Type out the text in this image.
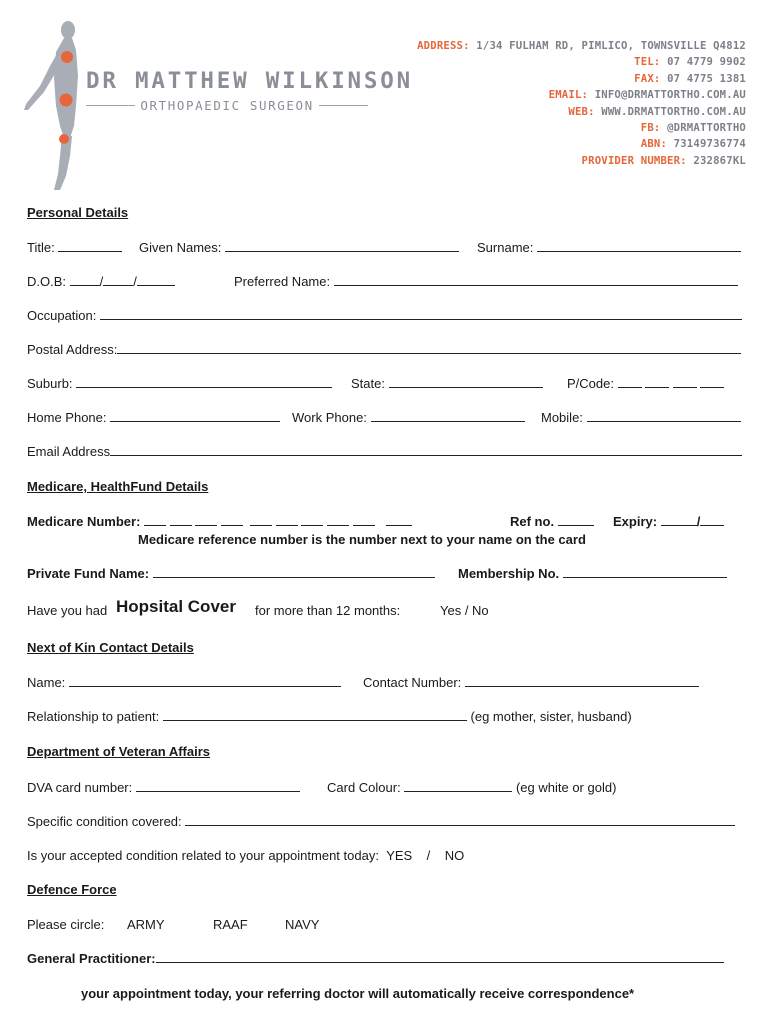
DR MATTHEW WILKINSON
ORTHOPAEDIC SURGEON
ADDRESS: 1/34 FULHAM RD, PIMLICO, TOWNSVILLE Q4812
TEL: 07 4779 9902
FAX: 07 4775 1381
EMAIL: INFO@DRMATTORTHO.COM.AU
WEB: WWW.DRMATTORTHO.COM.AU
FB: @DRMATTORTHO
ABN: 73149736774
PROVIDER NUMBER: 232867KL
Personal Details
Title:	Given Names:	Surname:
D.O.B:	/ /	Preferred Name:
Occupation:
Postal Address:
Suburb:	State:	P/Code:
Home Phone:	Work Phone:	Mobile:
Email Address
Medicare, HealthFund Details
Medicare Number:	Ref no.	Expiry:	/
Medicare reference number is the number next to your name on the card
Private Fund Name:	Membership No.
Have you had Hopsital Cover for more than 12 months:	Yes / No
Next of Kin Contact Details
Name:	Contact Number:
Relationship to patient:	(eg mother, sister, husband)
Department of Veteran Affairs
DVA card number:	Card Colour:	(eg white or gold)
Specific condition covered:
Is your accepted condition related to your appointment today: YES / NO
Defence Force
Please circle: ARMY	RAAF	NAVY
General Practitioner:
your appointment today, your referring doctor will automatically receive correspondence*
